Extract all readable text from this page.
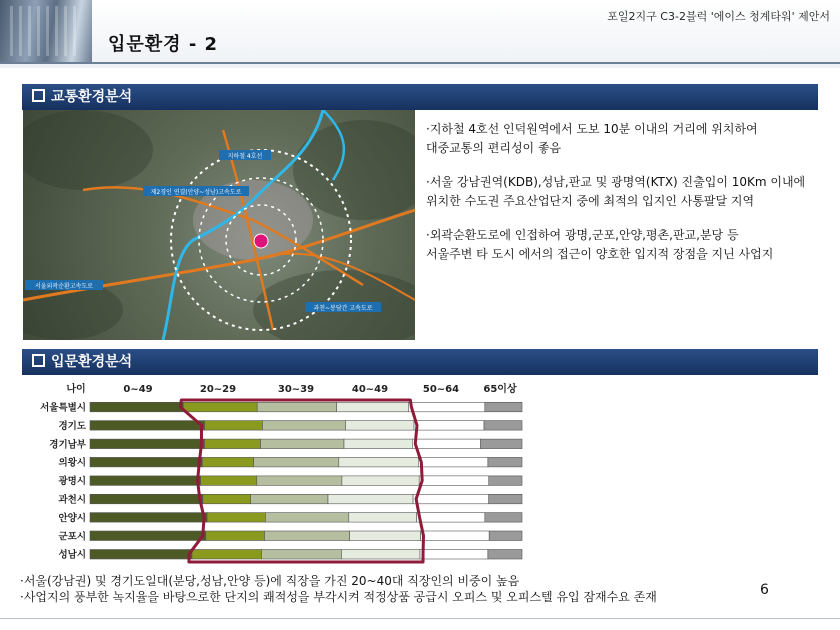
포일2지구 C3-2블럭 '에이스 청계타워' 제안서
입문환경 - 2
교통환경분석
지하철 4호선
제2경인 연결(안양~성남)고속도로
서울외곽순환고속도로
과천~봉담간 고속도로
·지하철 4호선 인덕원역에서 도보 10분 이내의 거리에 위치하여
대중교통의 편리성이 좋음
·서울 강남권역(KDB),성남,판교 및 광명역(KTX) 진출입이 10Km 이내에
위치한 수도권 주요산업단지 중에 최적의 입지인 사통팔달 지역
·외곽순환도로에 인접하여 광명,군포,안양,평촌,판교,분당 등
서울주변 타 도시 에서의 접근이 양호한 입지적 장점을 지닌 사업지
입문환경분석
나이	0~49	20~29	30~39	40~49	50~64 65이상
서울특별시
경기도
경기남부
의왕시
광명시
과천시
안양시
군포시
성남시
·서울(강남권) 및 경기도일대(분당,성남,안양 등)에 직장을 가진 20~40대 직장인의 비중이 높음
·사업지의 풍부한 녹지율을 바탕으로한 단지의 쾌적성을 부각시켜 적정상품 공급시 오피스 및 오피스텔 유입 잠재수요 존재	6
